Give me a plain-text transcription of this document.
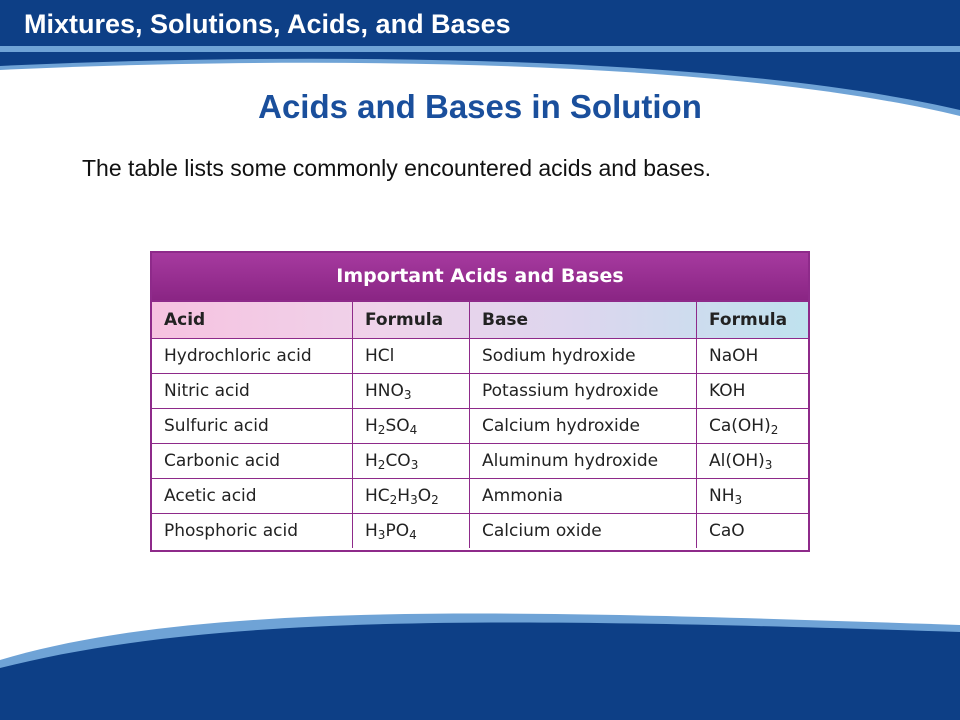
Mixtures, Solutions, Acids, and Bases
Acids and Bases in Solution
The table lists some commonly encountered acids and bases.
Important Acids and Bases
Acid	Formula	Base	Formula
Hydrochloric acid	HCl	Sodium hydroxide	NaOH
Nitric acid	$HNO_3$	Potassium hydroxide	KOH
Sulfuric acid	$H_2SO_4$	Calcium hydroxide	$Ca(OH)_2$
Carbonic acid	$H_2CO_3$	Aluminum hydroxide	$Al(OH)_3$
Acetic acid	$HC_2H_3O_2$	Ammonia	$NH_3$
Phosphoric acid	$H_3PO_4$	Calcium oxide	CaO
